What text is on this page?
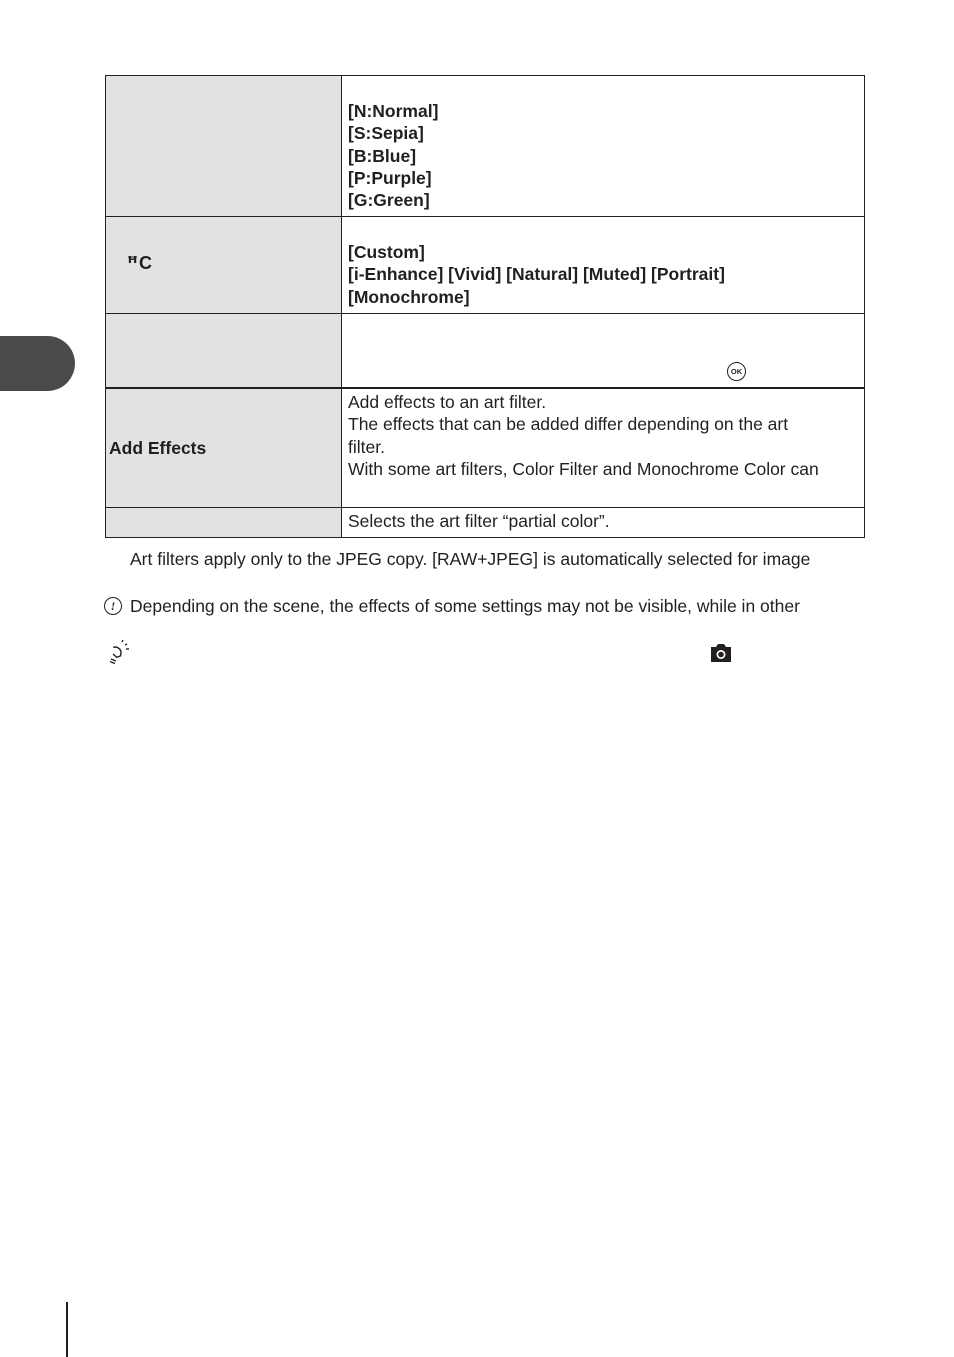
	[N:Normal]
[S:Sepia]
[B:Blue]
[P:Purple]
[G:Green]

ꟸC	[Custom]
[i-Enhance] [Vivid] [Natural] [Muted] [Portrait]
[Monochrome]

	OK

Add Effects	Add effects to an art filter.
The effects that can be added differ depending on the art
filter.
With some art filters, Color Filter and Monochrome Color can

	Selects the art filter “partial color”.
Art filters apply only to the JPEG copy. [RAW+JPEG] is automatically selected for image
! Depending on the scene, the effects of some settings may not be visible, while in other
